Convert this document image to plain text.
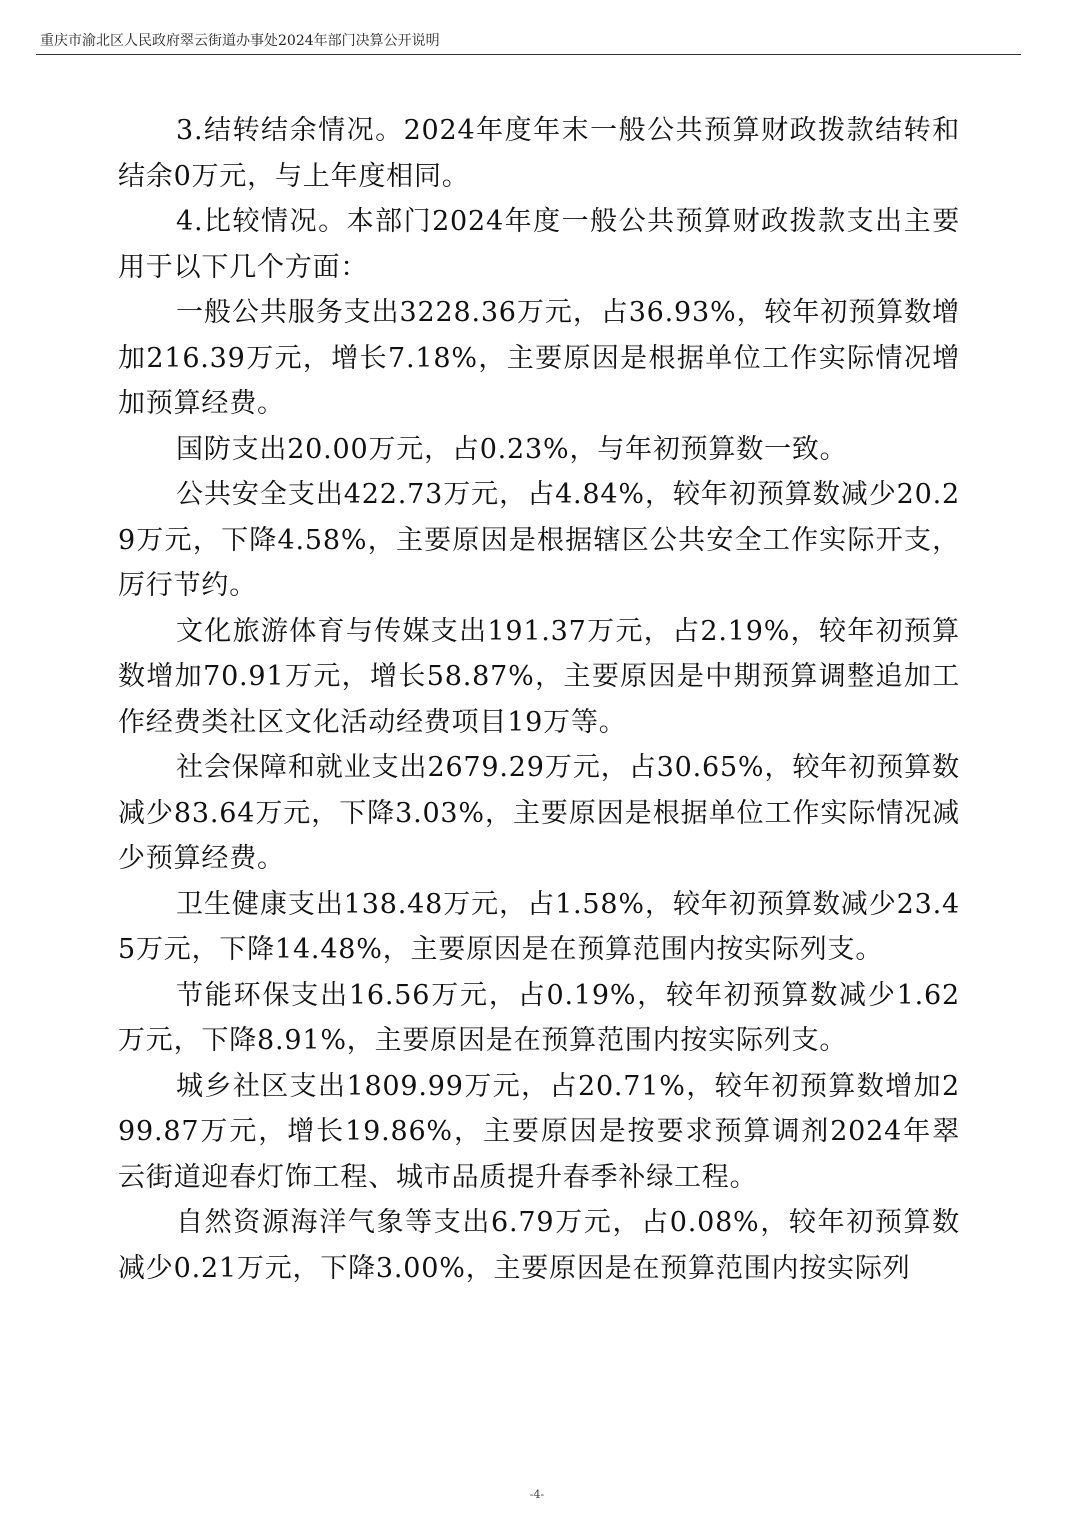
重庆市渝北区人民政府翠云街道办事处2024年部门决算公开说明

3.结转结余情况。2024年度年末一般公共预算财政拨款结转和结余0万元，与上年度相同。

4.比较情况。本部门2024年度一般公共预算财政拨款支出主要用于以下几个方面：

一般公共服务支出3228.36万元，占36.93%，较年初预算数增加216.39万元，增长7.18%，主要原因是根据单位工作实际情况增加预算经费。

国防支出20.00万元，占0.23%，与年初预算数一致。

公共安全支出422.73万元，占4.84%，较年初预算数减少20.29万元，下降4.58%，主要原因是根据辖区公共安全工作实际开支，厉行节约。

文化旅游体育与传媒支出191.37万元，占2.19%，较年初预算数增加70.91万元，增长58.87%，主要原因是中期预算调整追加工作经费类社区文化活动经费项目19万等。

社会保障和就业支出2679.29万元，占30.65%，较年初预算数减少83.64万元，下降3.03%，主要原因是根据单位工作实际情况减少预算经费。

卫生健康支出138.48万元，占1.58%，较年初预算数减少23.45万元，下降14.48%，主要原因是在预算范围内按实际列支。

节能环保支出16.56万元，占0.19%，较年初预算数减少1.62万元，下降8.91%，主要原因是在预算范围内按实际列支。

城乡社区支出1809.99万元，占20.71%，较年初预算数增加299.87万元，增长19.86%，主要原因是按要求预算调剂2024年翠云街道迎春灯饰工程、城市品质提升春季补绿工程。

自然资源海洋气象等支出6.79万元，占0.08%，较年初预算数减少0.21万元，下降3.00%，主要原因是在预算范围内按实际列

-4-
